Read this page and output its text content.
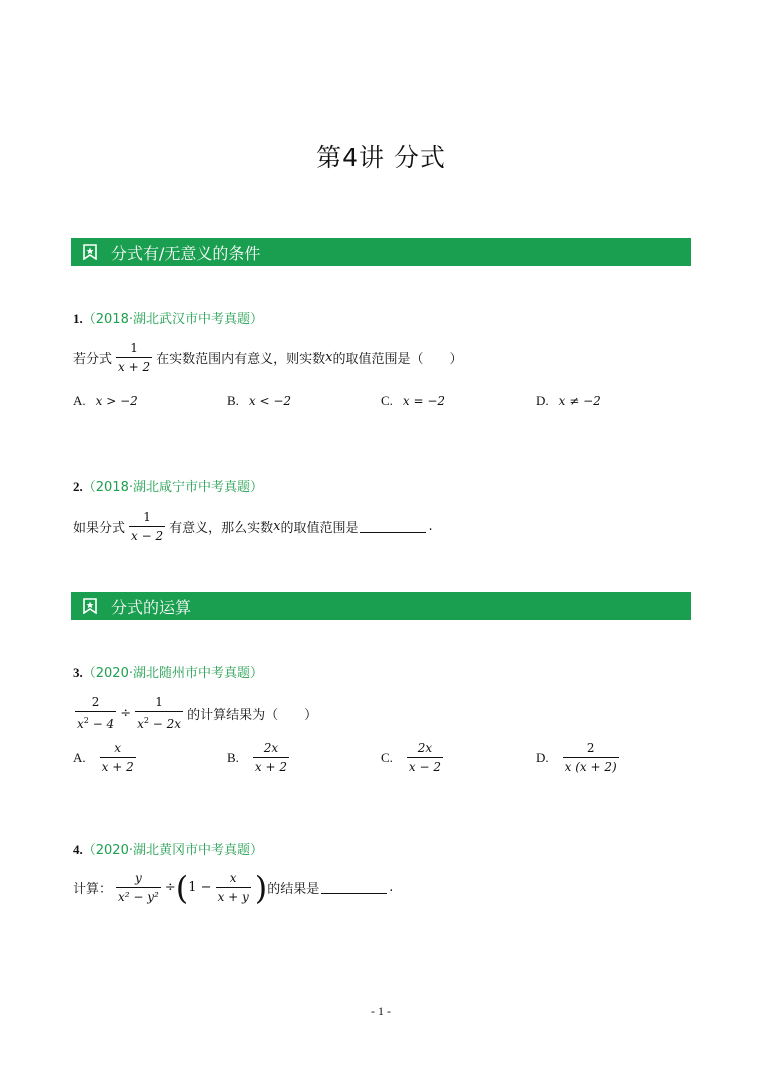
第4讲 分式
分式有/无意义的条件
1.（2018·湖北武汉市中考真题）
若分式 $\frac{1}{x + 2}$ 在实数范围内有意义，则实数 x 的取值范围是（　　）
A. x > −2	B. x < −2	C. x = −2	D. x ≠ −2
2.（2018·湖北咸宁市中考真题）
如果分式 $\frac{1}{x - 2}$ 有意义，那么实数 x 的取值范围是	.
分式的运算
3.（2020·湖北随州市中考真题）
$\frac{2}{x^2 - 4} \div \frac{1}{x^2 - 2x}$ 的计算结果为（　　）
A. $\frac{x}{x + 2}$	B. $\frac{2x}{x + 2}$	C. $\frac{2x}{x - 2}$	D. $\frac{2}{x (x + 2)}$
4.（2020·湖北黄冈市中考真题）
计算： $\frac{y}{\text{x² − y²}}$ ÷ ( $1 - \frac{x}{x + y}$ ) 的结果是	.
- 1 -
